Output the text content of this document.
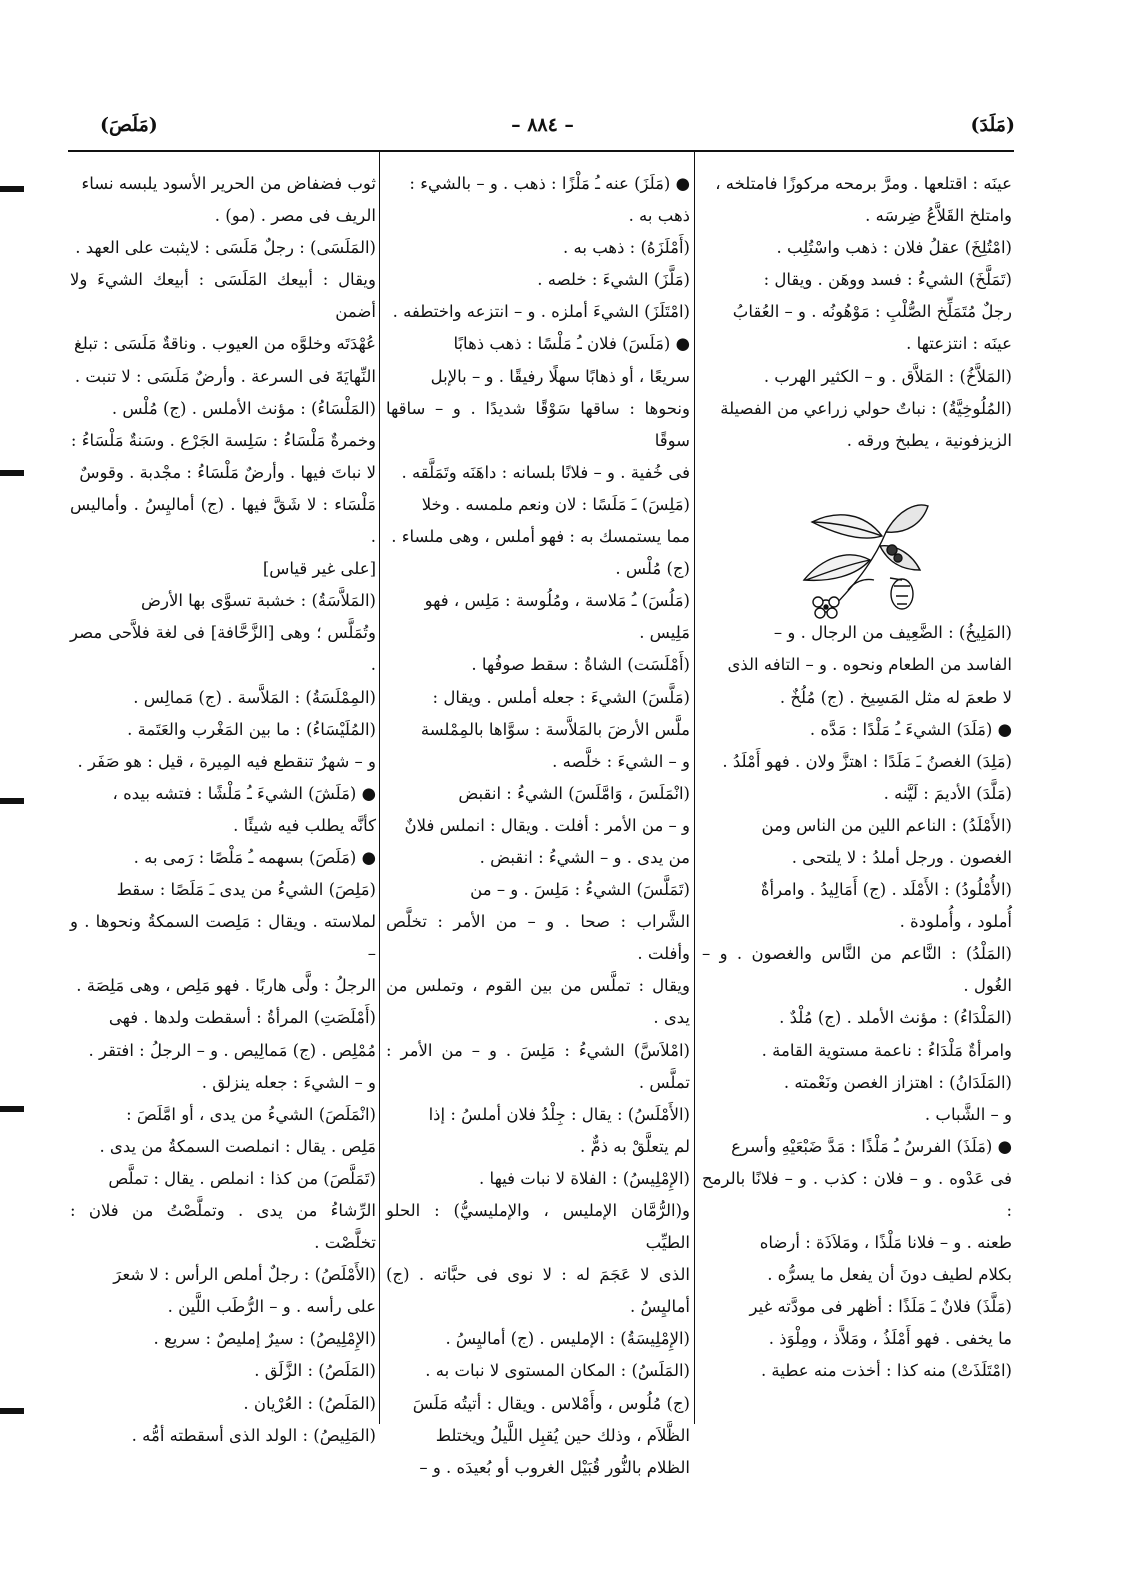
(مَلَدَ)
– ٨٨٤ –
(مَلَصَ)

عينَه : اقتلعها . ومرَّ برمحه مركوزًا فامتلخه ،

وامتلخ القَلاَّعُ ضِرسَه .

(امْتُلِخَ) عقلُ فلان : ذهب واسْتُلِب .

(تَمَلَّخَ) الشيءُ : فسد ووهَن . ويقال :

رجلٌ مُتَمَلِّخ الصُّلْبِ : مَوْهُونُه . و – العُقابُ

عينَه : انتزعتها .

(المَلاَّخُ) : المَلاَّق . و – الكثير الهرب .

(المُلُوخِيَّةُ) : نباتٌ حولي زراعي من الفصيلة

الزيزفونية ، يطبخ ورقه .

(المَلِيخُ) : الضَّعِيف من الرجال . و –

الفاسد من الطعام ونحوه . و – التافه الذى

لا طعمَ له مثل المَسِيخ . (ج) مُلُخٌ .

● (مَلَدَ) الشيءَ ـُ مَلْدًا : مَدَّه .

(مَلِدَ) الغصنُ ـَ مَلَدًا : اهتزَّ ولان . فهو أَمْلَدُ .

(مَلَّدَ) الأديمَ : لَيَّنه .

(الأَمْلَدُ) : الناعم اللين من الناس ومن

الغصون . ورجل أملدُ : لا يلتحى .

(الأُمْلُودُ) : الأَمْلَد . (ج) أَمَالِيدُ . وامرأةٌ

أُملود ، وأُملودة .

(المَلْدُ) : النَّاعم من النَّاس والغصون . و – الغُول .

(المَلْدَاءُ) : مؤنث الأملد . (ج) مُلْدٌ .

وامرأةٌ مَلْدَاءُ : ناعمة مستوية القامة .

(المَلَدَانُ) : اهتزاز الغصن ونَعْمته .

و – الشَّباب .

● (مَلَذَ) الفرسُ ـُ مَلْذًا : مَدَّ ضَبْعَيْهِ وأسرع

فى عَدْوه . و – فلان : كذب . و – فلانًا بالرمح :

طعنه . و – فلانا مَلْذًا ، ومَلاَذَة : أرضاه

بكلام لطيف دونَ أن يفعل ما يسرُّه .

(مَلَّذَ) فلانٌ ـَ مَلَذًا : أظهر فى مودَّته غير

ما يخفى . فهو أَمْلَذُ ، ومَلاَّذ ، ومِلْوَذ .

(امْتَلَذَتْ) منه كذا : أخذت منه عطية .

● (مَلَزَ) عنه ـُ مَلْزًا : ذهب . و – بالشيء :

ذهب به .

(أَمْلَزَهُ) : ذهب به .

(مَلَّزَ) الشيءَ : خلصه .

(امْتَلَزَ) الشيءَ أملزه . و – انتزعه واختطفه .

● (مَلَسَ) فلان ـُ مَلْسًا : ذهب ذهابًا

سريعًا ، أو ذهابًا سهلًا رفيقًا . و – بالإبل

ونحوها : ساقها سَوْقًا شديدًا . و – ساقها سوقًا

فى خُفية . و – فلانًا بلسانه : داهَنَه وتَمَلَّقه .

(مَلِسَ) ـَ مَلَسًا : لان ونعم ملمسه . وخلا

مما يستمسك به : فهو أملس ، وهى ملساء .

(ج) مُلْس .

(مَلُسَ) ـُ مَلاسة ، ومُلُوسة : مَلِس ، فهو

مَلِيس .

(أَمْلَسَت) الشاةُ : سقط صوفُها .

(مَلَّسَ) الشيءَ : جعله أملس . ويقال :

ملَّس الأرضَ بالمَلاَّسة : سوَّاها بالمِمْلسة

و – الشيءَ : خلَّصه .

(انْمَلَسَ ، وَامَّلَسَ) الشيءُ : انقبض

و – من الأمر : أفلت . ويقال : انملس فلانٌ

من يدى . و – الشيءُ : انقبض .

(تَمَلَّسَ) الشيءُ : مَلِسَ . و – من

الشَّراب : صحا . و – من الأمر : تخلَّص وأفلت .

ويقال : تملَّس من بين القوم ، وتملس من يدى .

(امْلاَسَّ) الشيءُ : مَلِسَ . و – من الأمر : تملَّس .

(الأَمْلَسُ) : يقال : جِلْدُ فلان أملسُ : إذا

لم يتعلَّقْ به ذمٌّ .

(الإِمْلِيسُ) : الفلاة لا نبات فيها .

و(الرُّمَّان الإمليس ، والإمليسيُّ) : الحلو الطيِّب

الذى لا عَجَمَ له : لا نوى فى حبَّاته . (ج) أماليِسُ .

(الإِمْلِيسَةُ) : الإمليس . (ج) أماليِسُ .

(المَلَسُ) : المكان المستوى لا نبات به .

(ج) مُلُوس ، وأَمْلاس . ويقال : أتيتُه مَلَسَ

الظَّلاَم ، وذلك حين يُقبِل اللَّيلُ ويختلط

الظلام بالنُّور قُبَيْل الغروب أو بُعيدَه . و –

ثوب فضفاض من الحرير الأسود يلبسه نساء

الريف فى مصر . (مو) .

(المَلَسَى) : رجلٌ مَلَسَى : لايثبت على العهد .

ويقال : أبيعك المَلَسَى : أبيعك الشيءَ ولا أضمن

عُهْدَتَه وخلوَّه من العيوب . وناقةٌ مَلَسَى : تبلغ

النِّهايَةَ فى السرعة . وأرضٌ مَلَسَى : لا تنبت .

(المَلْسَاءُ) : مؤنث الأملس . (ج) مُلْس .

وخمرةٌ مَلْسَاءُ : سَلِسة الجَرْع . وسَنةٌ مَلْسَاءُ :

لا نباتَ فيها . وأرضٌ مَلْسَاءُ : مجْدبة . وقوسٌ

مَلْسَاء : لا شَقَّ فيها . (ج) أماليِسُ . وأماليس .

[على غير قياس]

(المَلاَّسَةُ) : خشبة تسوَّى بها الأرض

وتُمَلَّس ؛ وهى [الزَّحَّافة] فى لغة فلاَّحى مصر .

(المِمْلَسَةُ) : المَلاَّسة . (ج) مَمالِس .

(المُلَيْسَاءُ) : ما بين المَغْرب والعَتَمة .

و – شهرٌ تنقطع فيه المِيرة ، قيل : هو صَفَر .

● (مَلَشَ) الشيءَ ـُ مَلْشًا : فتشه بيده ،

كأنَّه يطلب فيه شيئًا .

● (مَلَصَ) بسهمه ـُ مَلْصًا : رَمى به .

(مَلِصَ) الشيءُ من يدى ـَ مَلَصًا : سقط

لملاسته . ويقال : مَلِصت السمكةُ ونحوها . و –

الرجلُ : ولَّى هاربًا . فهو مَلِص ، وهى مَلِصَة .

(أَمْلَصَتِ) المرأةُ : أسقطت ولدها . فهى

مُمْلِص . (ج) مَمالِيص . و – الرجلُ : افتقر .

و – الشيءَ : جعله ينزلق .

(انْمَلَصَ) الشيءُ من يدى ، أو امَّلَصَ :

مَلِص . يقال : انملصت السمكةُ من يدى .

(تَمَلَّصَ) من كذا : انملص . يقال : تملَّص

الرِّشاءُ من يدى . وتملَّصْتُ من فلان : تخلَّصْت .

(الأَمْلَصُ) : رجلٌ أملص الرأس : لا شعرَ

على رأسه . و – الرُّطَب اللَّين .

(الإِمْلِيصُ) : سيرٌ إمليصٌ : سريع .

(المَلَصُ) : الزَّلَق .

(المَلَصُ) : العُرْيان .

(المَلِيصُ) : الولد الذى أسقطته أمُّه .
